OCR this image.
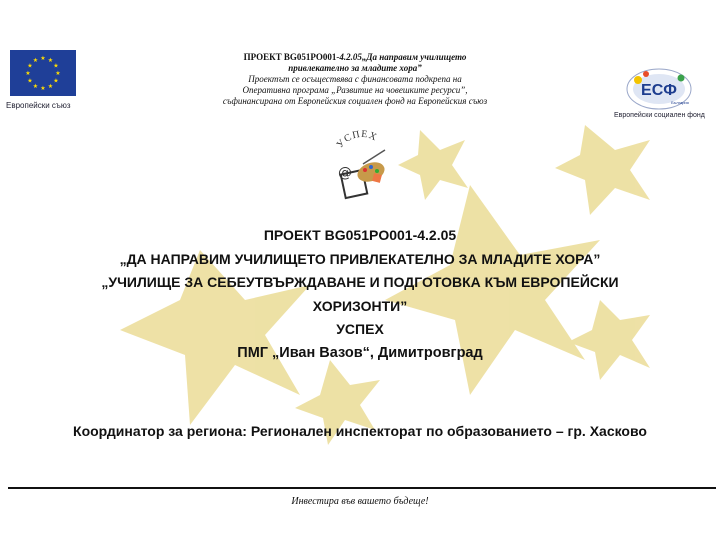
★ ★
★
★
★
★
★
★
★
★
★
★
Европейски съюз
ЕСФ
България
Европейски социален фонд
ПРОЕКТ BG051PO001-4.2.05„Да направим училището
привлекателно за младите хора”
Проектът се осъществява с финансовата подкрепа на
Оперативна програма „Развитие на човешките ресурси”,
съфинансирана от Европейския социален фонд на Европейския съюз
УСПЕХ
@
ПРОЕКТ BG051PO001-4.2.05
„ДА НАПРАВИМ УЧИЛИЩЕТО ПРИВЛЕКАТЕЛНО ЗА МЛАДИТЕ ХОРА”
„УЧИЛИЩЕ ЗА СЕБЕУТВЪРЖДАВАНЕ И ПОДГОТОВКА КЪМ ЕВРОПЕЙСКИ
ХОРИЗОНТИ”
УСПЕХ
ПМГ „Иван Вазов“, Димитровград
Координатор за региона: Регионален инспекторат по образованието – гр. Хасково
Инвестира във вашето бъдеще!
